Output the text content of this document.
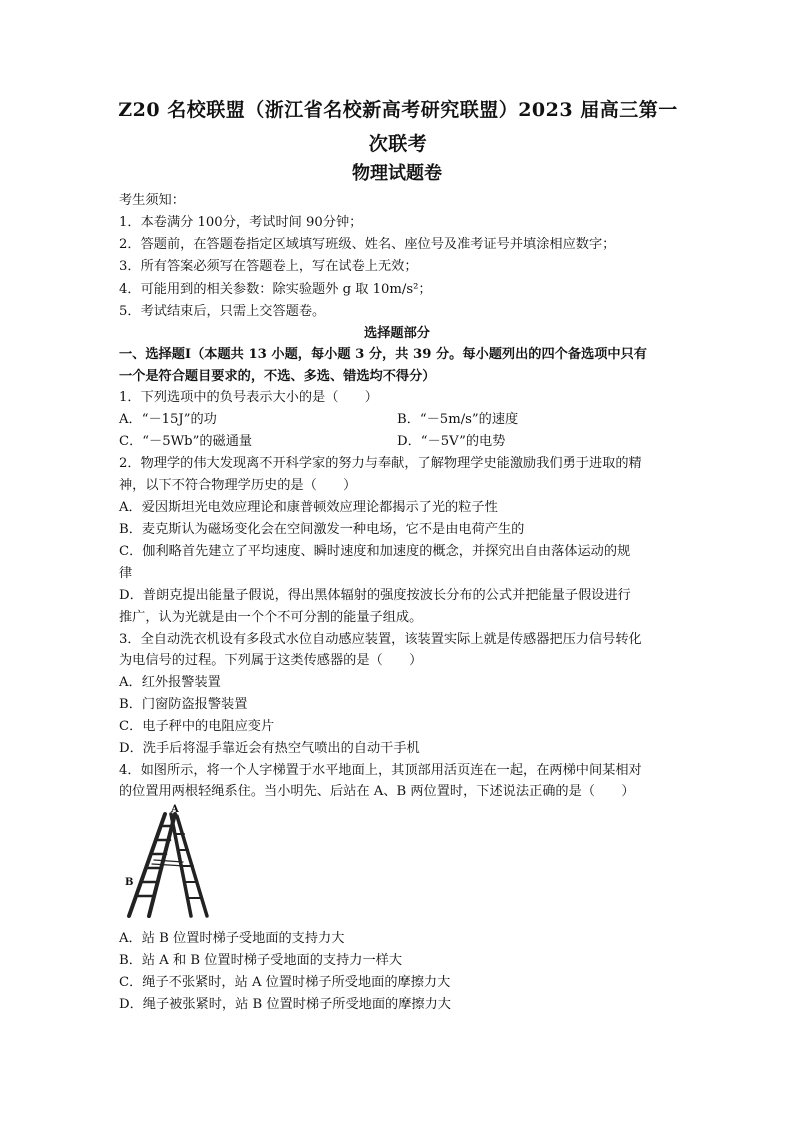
Z20 名校联盟（浙江省名校新高考研究联盟）2023 届高三第一
次联考
物理试题卷
考生须知：
1．本卷满分 100分，考试时间 90分钟；
2．答题前，在答题卷指定区域填写班级、姓名、座位号及准考证号并填涂相应数字；
3．所有答案必须写在答题卷上，写在试卷上无效；
4．可能用到的相关参数：除实验题外 g 取 10m/s²；
5．考试结束后，只需上交答题卷。
选择题部分
一、选择题Ⅰ（本题共 13 小题，每小题 3 分，共 39 分。每小题列出的四个备选项中只有
一个是符合题目要求的，不选、多选、错选均不得分）
1．下列选项中的负号表示大小的是（　　）
A．“－15J”的功	B．“－5m/s”的速度
C．“－5Wb”的磁通量	D．“－5V”的电势
2．物理学的伟大发现离不开科学家的努力与奉献，了解物理学史能激励我们勇于进取的精
神，以下不符合物理学历史的是（　　）
A．爱因斯坦光电效应理论和康普顿效应理论都揭示了光的粒子性
B．麦克斯认为磁场变化会在空间激发一种电场，它不是由电荷产生的
C．伽利略首先建立了平均速度、瞬时速度和加速度的概念，并探究出自由落体运动的规
律
D．普朗克提出能量子假说，得出黑体辐射的强度按波长分布的公式并把能量子假设进行
推广，认为光就是由一个个不可分割的能量子组成。
3．全自动洗衣机设有多段式水位自动感应装置，该装置实际上就是传感器把压力信号转化
为电信号的过程。下列属于这类传感器的是（　　）
A．红外报警装置
B．门窗防盗报警装置
C．电子秤中的电阻应变片
D．洗手后将湿手靠近会有热空气喷出的自动干手机
4．如图所示，将一个人字梯置于水平地面上，其顶部用活页连在一起，在两梯中间某相对
的位置用两根轻绳系住。当小明先、后站在 A、B 两位置时，下述说法正确的是（　　）
A
B
A．站 B 位置时梯子受地面的支持力大
B．站 A 和 B 位置时梯子受地面的支持力一样大
C．绳子不张紧时，站 A 位置时梯子所受地面的摩擦力大
D．绳子被张紧时，站 B 位置时梯子所受地面的摩擦力大
